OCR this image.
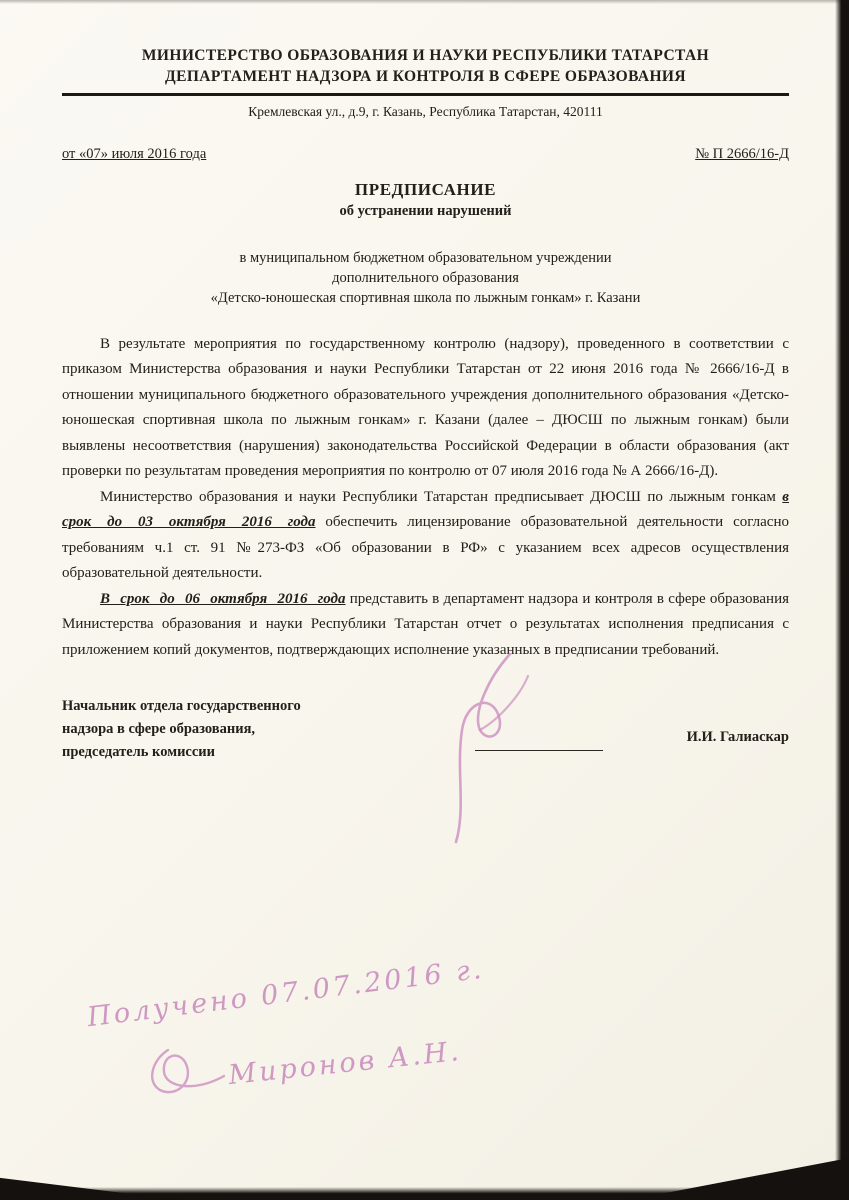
МИНИСТЕРСТВО ОБРАЗОВАНИЯ И НАУКИ РЕСПУБЛИКИ ТАТАРСТАН
ДЕПАРТАМЕНТ НАДЗОРА И КОНТРОЛЯ В СФЕРЕ ОБРАЗОВАНИЯ
Кремлевская ул., д.9, г. Казань, Республика Татарстан, 420111
от «07» июля 2016 года	№ П 2666/16-Д
ПРЕДПИСАНИЕ
об устранении нарушений
в муниципальном бюджетном образовательном учреждении
дополнительного образования
«Детско-юношеская спортивная школа по лыжным гонкам» г. Казани

В результате мероприятия по государственному контролю (надзору), проведенного в соответствии с приказом Министерства образования и науки Республики Татарстан от 22 июня 2016 года № 2666/16-Д в отношении муниципального бюджетного образовательного учреждения дополнительного образования «Детско-юношеская спортивная школа по лыжным гонкам» г. Казани (далее – ДЮСШ по лыжным гонкам) были выявлены несоответствия (нарушения) законодательства Российской Федерации в области образования (акт проверки по результатам проведения мероприятия по контролю от 07 июля 2016 года № А 2666/16-Д).

Министерство образования и науки Республики Татарстан предписывает ДЮСШ по лыжным гонкам в срок до 03 октября 2016 года обеспечить лицензирование образовательной деятельности согласно требованиям ч.1 ст. 91 №273-ФЗ «Об образовании в РФ» с указанием всех адресов осуществления образовательной деятельности.

В срок до 06 октября 2016 года представить в департамент надзора и контроля в сфере образования Министерства образования и науки Республики Татарстан отчет о результатах исполнения предписания с приложением копий документов, подтверждающих исполнение указанных в предписании требований.

Начальник отдела государственного
надзора в сфере образования,
председатель комиссии
И.И. Галиаскар
Получено 07.07.2016 г.
Миронов А.Н.
